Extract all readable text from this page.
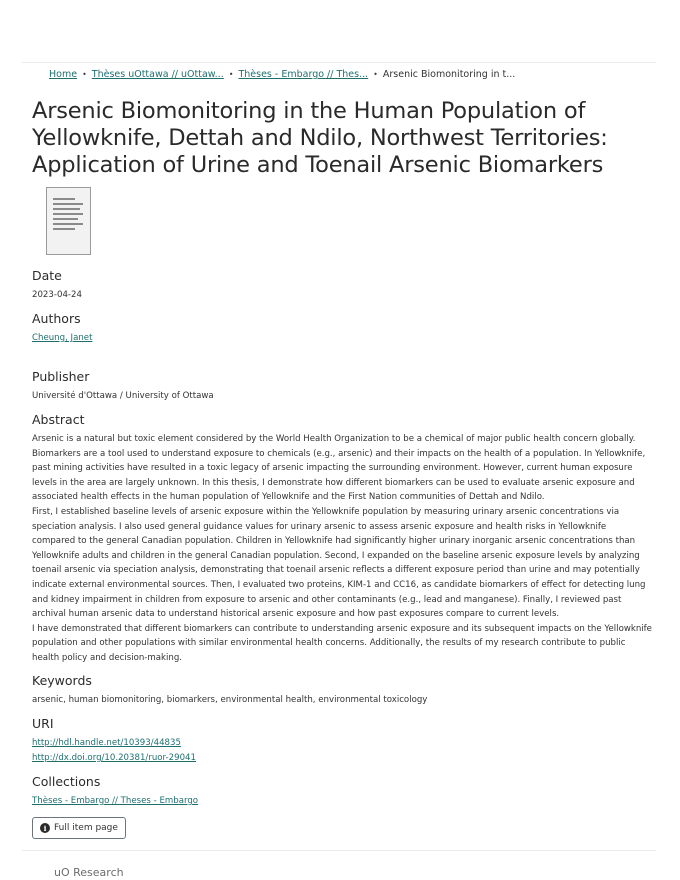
Home • Thèses uOttawa // uOttaw... • Thèses - Embargo // Thes... • Arsenic Biomonitoring in t...
Arsenic Biomonitoring in the Human Population of Yellowknife, Dettah and Ndilo, Northwest Territories: Application of Urine and Toenail Arsenic Biomarkers
Date
2023-04-24
Authors
Cheung, Janet
Publisher
Université d'Ottawa / University of Ottawa
Abstract

Arsenic is a natural but toxic element considered by the World Health Organization to be a chemical of major public health concern globally. Biomarkers are a tool used to understand exposure to chemicals (e.g., arsenic) and their impacts on the health of a population. In Yellowknife, past mining activities have resulted in a toxic legacy of arsenic impacting the surrounding environment. However, current human exposure levels in the area are largely unknown. In this thesis, I demonstrate how different biomarkers can be used to evaluate arsenic exposure and associated health effects in the human population of Yellowknife and the First Nation communities of Dettah and Ndilo.

First, I established baseline levels of arsenic exposure within the Yellowknife population by measuring urinary arsenic concentrations via speciation analysis. I also used general guidance values for urinary arsenic to assess arsenic exposure and health risks in Yellowknife compared to the general Canadian population. Children in Yellowknife had significantly higher urinary inorganic arsenic concentrations than Yellowknife adults and children in the general Canadian population. Second, I expanded on the baseline arsenic exposure levels by analyzing toenail arsenic via speciation analysis, demonstrating that toenail arsenic reflects a different exposure period than urine and may potentially indicate external environmental sources. Then, I evaluated two proteins, KIM-1 and CC16, as candidate biomarkers of effect for detecting lung and kidney impairment in children from exposure to arsenic and other contaminants (e.g., lead and manganese). Finally, I reviewed past archival human arsenic data to understand historical arsenic exposure and how past exposures compare to current levels.

I have demonstrated that different biomarkers can contribute to understanding arsenic exposure and its subsequent impacts on the Yellowknife population and other populations with similar environmental health concerns. Additionally, the results of my research contribute to public health policy and decision-making.

Keywords
arsenic, human biomonitoring, biomarkers, environmental health, environmental toxicology
URI
http://hdl.handle.net/10393/44835
http://dx.doi.org/10.20381/ruor-29041
Collections
Thèses - Embargo // Theses - Embargo
i Full item page
uO Research
